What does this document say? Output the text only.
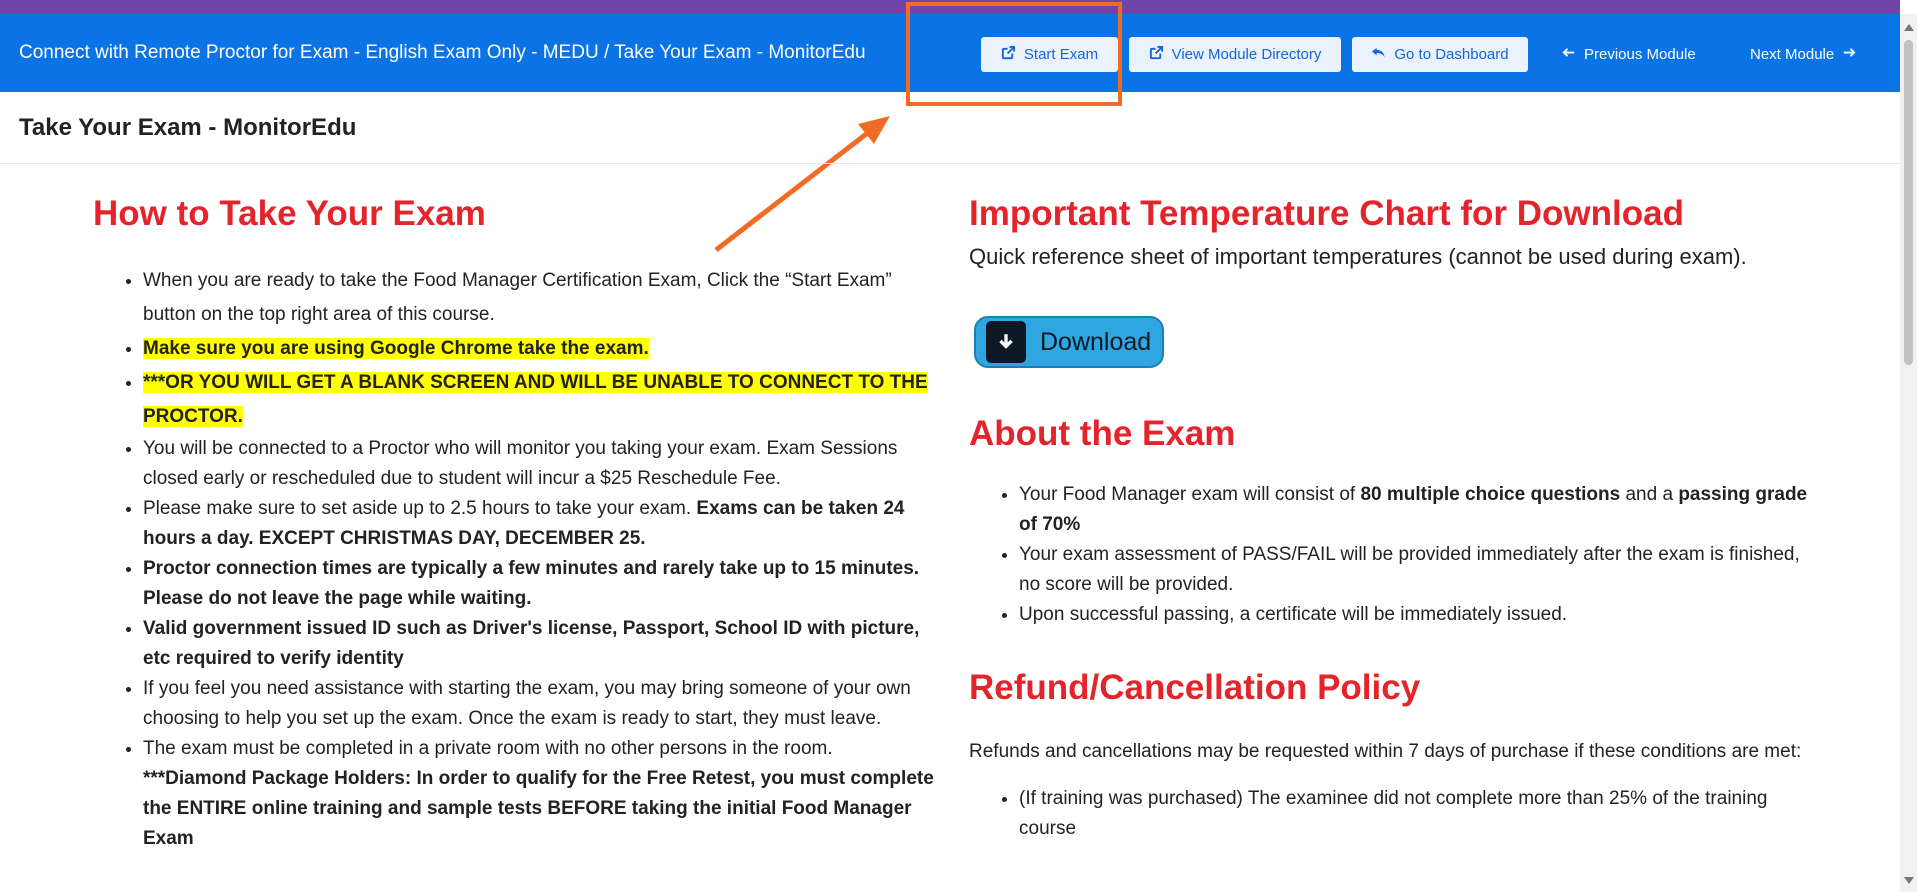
Connect with Remote Proctor for Exam - English Exam Only - MEDU / Take Your Exam - MonitorEdu	Start Exam	View Module Directory	Go to Dashboard	Previous Module	Next Module
Take Your Exam - MonitorEdu
How to Take Your Exam
• When you are ready to take the Food Manager Certification Exam, Click the “Start Exam” button on the top right area of this course.
• Make sure you are using Google Chrome take the exam.
• ***OR YOU WILL GET A BLANK SCREEN AND WILL BE UNABLE TO CONNECT TO THE PROCTOR.
• You will be connected to a Proctor who will monitor you taking your exam. Exam Sessions closed early or rescheduled due to student will incur a $25 Reschedule Fee.
• Please make sure to set aside up to 2.5 hours to take your exam. Exams can be taken 24 hours a day. EXCEPT CHRISTMAS DAY, DECEMBER 25.
• Proctor connection times are typically a few minutes and rarely take up to 15 minutes. Please do not leave the page while waiting.
• Valid government issued ID such as Driver's license, Passport, School ID with picture, etc required to verify identity
• If you feel you need assistance with starting the exam, you may bring someone of your own choosing to help you set up the exam. Once the exam is ready to start, they must leave.
• The exam must be completed in a private room with no other persons in the room.
***Diamond Package Holders: In order to qualify for the Free Retest, you must complete the ENTIRE online training and sample tests BEFORE taking the initial Food Manager Exam
Important Temperature Chart for Download

Quick reference sheet of important temperatures (cannot be used during exam).

Download
About the Exam
• Your Food Manager exam will consist of 80 multiple choice questions and a passing grade of 70%
• Your exam assessment of PASS/FAIL will be provided immediately after the exam is finished, no score will be provided.
• Upon successful passing, a certificate will be immediately issued.
Refund/Cancellation Policy

Refunds and cancellations may be requested within 7 days of purchase if these conditions are met:

• (If training was purchased) The examinee did not complete more than 25% of the training course
